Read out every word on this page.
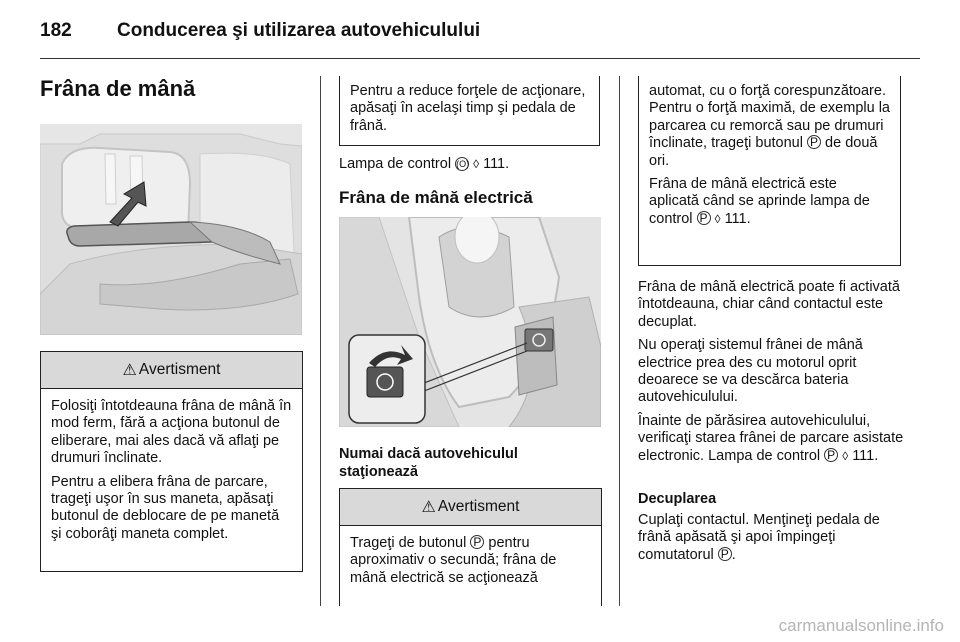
182 Conducerea şi utilizarea autovehiculului
Frâna de mână
⚠ Avertisment

Folosiţi întotdeauna frâna de mână în mod ferm, fără a acţiona butonul de eliberare, mai ales dacă vă aflaţi pe drumuri înclinate.

Pentru a elibera frâna de parcare, trageţi uşor în sus maneta, apăsaţi butonul de deblocare de pe manetă şi coborâţi maneta complet.

Pentru a reduce forţele de acţionare, apăsaţi în acelaşi timp şi pedala de frână.

Lampa de control (O) ◊ 111.
Frâna de mână electrică
Numai dacă autovehiculul staţionează
⚠ Avertisment

Trageţi de butonul P pentru aproximativ o secundă; frâna de mână electrică se acţionează

automat, cu o forţă corespunzătoare. Pentru o forţă maximă, de exemplu la parcarea cu remorcă sau pe drumuri înclinate, trageţi butonul P de două ori.

Frâna de mână electrică este aplicată când se aprinde lampa de control P ◊ 111.

Frâna de mână electrică poate fi activată întotdeauna, chiar când contactul este decuplat.

Nu operaţi sistemul frânei de mână electrice prea des cu motorul oprit deoarece se va descărca bateria autovehiculului.

Înainte de părăsirea autovehiculului, verificaţi starea frânei de parcare asistate electronic. Lampa de control P ◊ 111.

Decuplarea

Cuplaţi contactul. Menţineţi pedala de frână apăsată şi apoi împingeţi comutatorul P .

carmanualsonline.info
